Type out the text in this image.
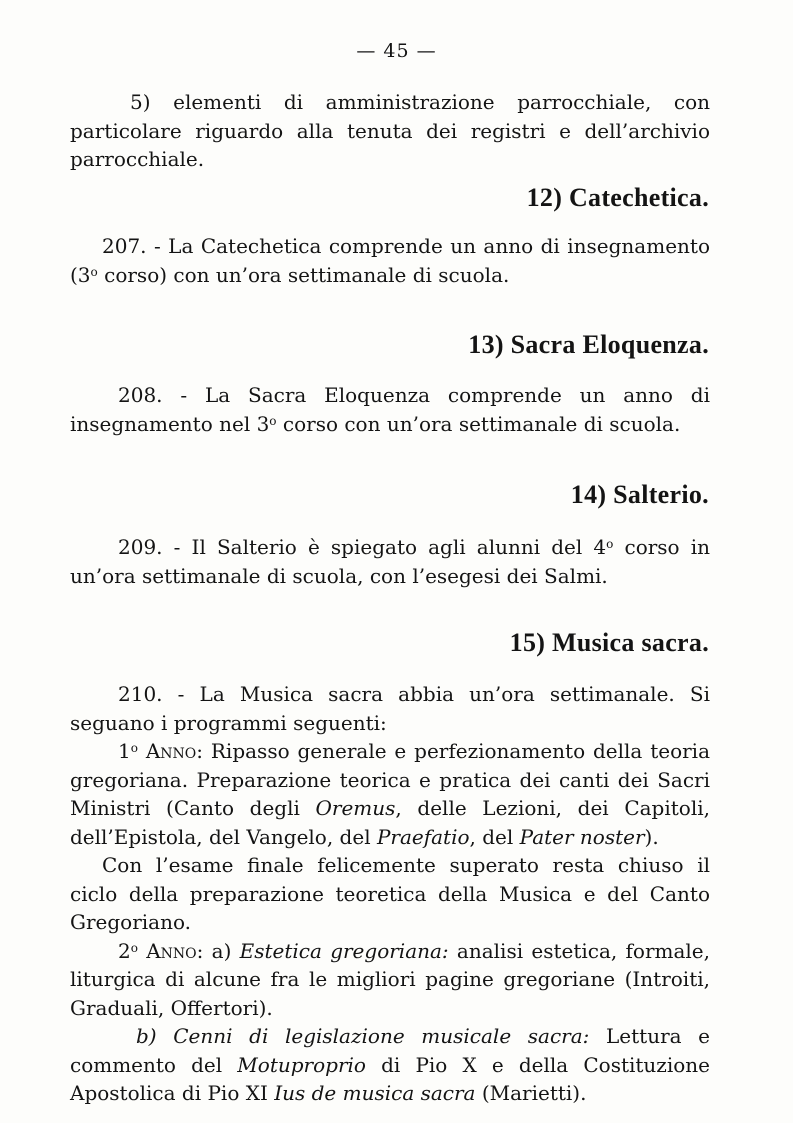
— 45 —

5) elementi di amministrazione parrocchiale, con particolare riguardo alla tenuta dei registri e dell’archivio parrocchiale.

12) Catechetica.

207. - La Catechetica comprende un anno di insegnamento (3$^o$ corso) con un’ora settimanale di scuola.

13) Sacra Eloquenza.

208. - La Sacra Eloquenza comprende un anno di insegnamento nel 3$^o$ corso con un’ora settimanale di scuola.

14) Salterio.

209. - Il Salterio è spiegato agli alunni del 4$^o$ corso in un’ora settimanale di scuola, con l’esegesi dei Salmi.

15) Musica sacra.

210. - La Musica sacra abbia un’ora settimanale. Si seguano i programmi seguenti:

1$^o$ Anno: Ripasso generale e perfezionamento della teoria gregoriana. Preparazione teorica e pratica dei canti dei Sacri Ministri (Canto degli Oremus, delle Lezioni, dei Capitoli, dell’Epistola, del Vangelo, del Praefatio, del Pater noster).

Con l’esame finale felicemente superato resta chiuso il ciclo della preparazione teoretica della Musica e del Canto Gregoriano.

2$^o$ Anno: a) Estetica gregoriana: analisi estetica, formale, liturgica di alcune fra le migliori pagine gregoriane (Introiti, Graduali, Offertori).

b) Cenni di legislazione musicale sacra: Lettura e commento del Motuproprio di Pio X e della Costituzione Apostolica di Pio XI Ius de musica sacra (Marietti).
